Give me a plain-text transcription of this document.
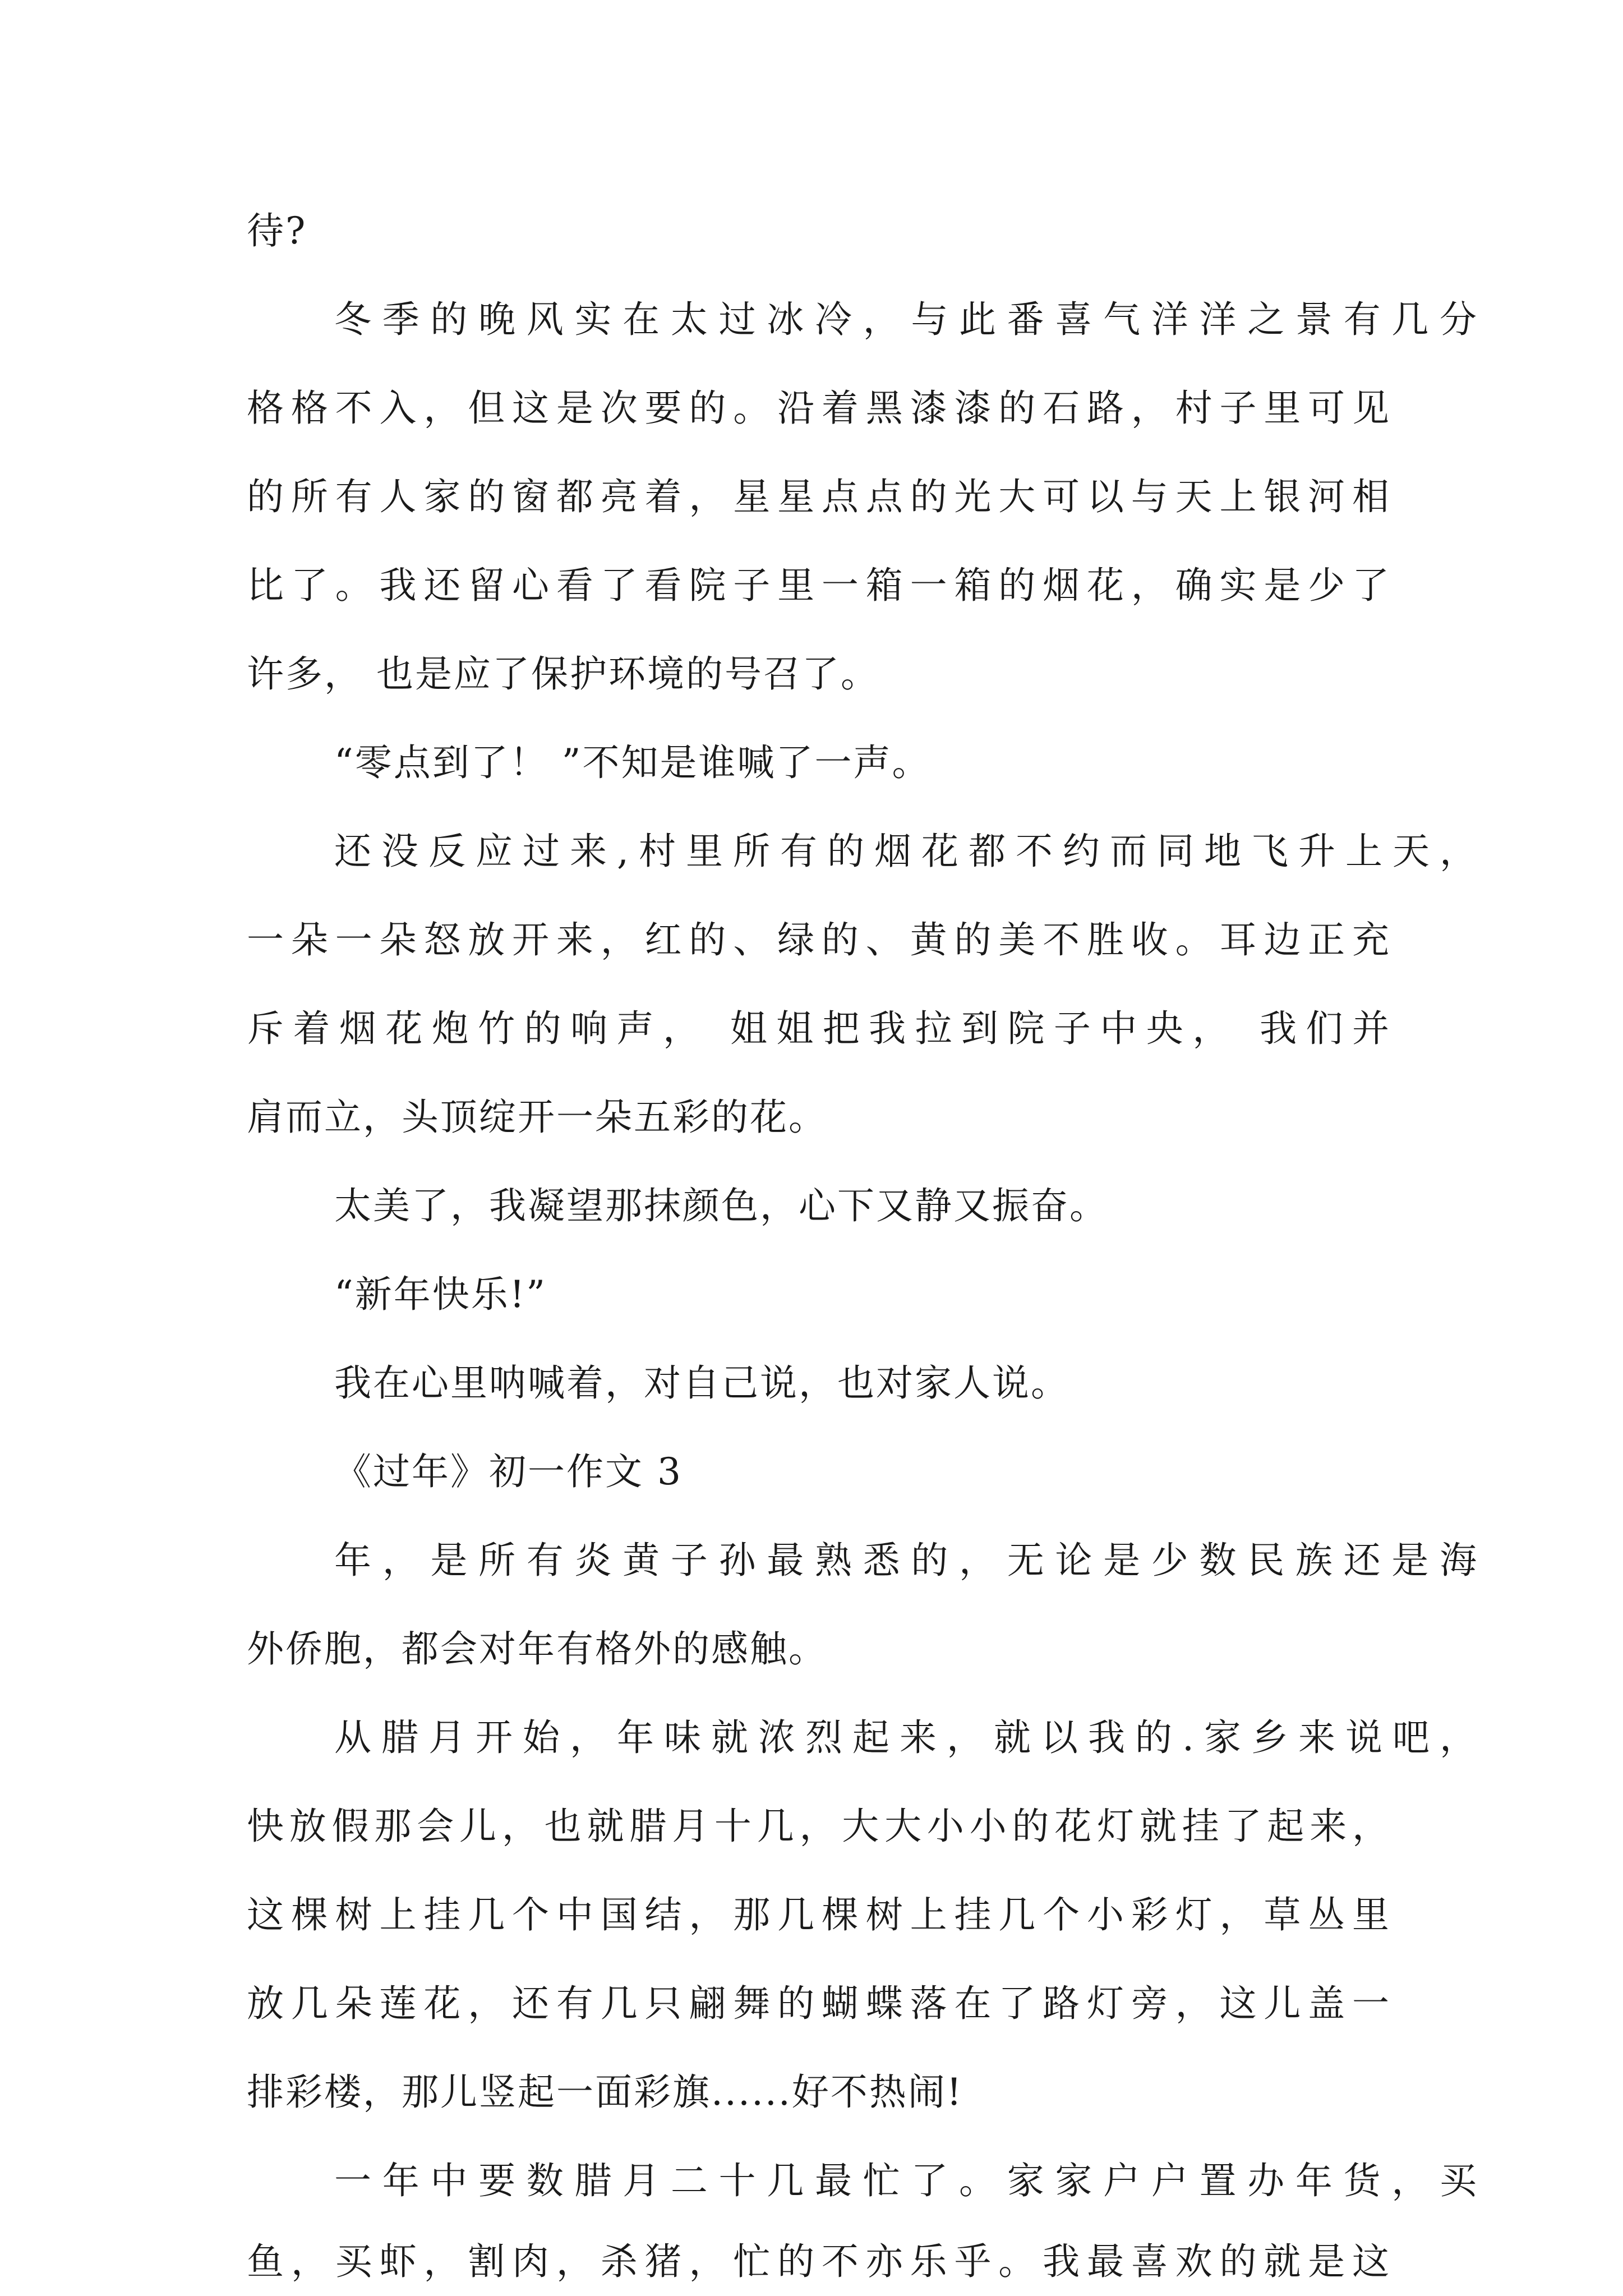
待?

冬季的晚风实在太过冰冷，与此番喜气洋洋之景有几分

格格不入，但这是次要的。沿着黑漆漆的石路，村子里可见

的所有人家的窗都亮着，星星点点的光大可以与天上银河相

比了。我还留心看了看院子里一箱一箱的烟花，确实是少了

许多， 也是应了保护环境的号召了。

“零点到了！ ”不知是谁喊了一声。

还没反应过来,村里所有的烟花都不约而同地飞升上天，

一朵一朵怒放开来，红的、绿的、黄的美不胜收。耳边正充

斥着烟花炮竹的响声， 姐姐把我拉到院子中央， 我们并

肩而立，头顶绽开一朵五彩的花。

太美了，我凝望那抹颜色，心下又静又振奋。

“新年快乐!”

我在心里呐喊着，对自己说，也对家人说。

《过年》初一作文 3

年，是所有炎黄子孙最熟悉的，无论是少数民族还是海

外侨胞，都会对年有格外的感触。

从腊月开始，年味就浓烈起来，就以我的.家乡来说吧，

快放假那会儿，也就腊月十几，大大小小的花灯就挂了起来，

这棵树上挂几个中国结，那几棵树上挂几个小彩灯，草丛里

放几朵莲花，还有几只翩舞的蝴蝶落在了路灯旁，这儿盖一

排彩楼，那儿竖起一面彩旗......好不热闹!

一年中要数腊月二十几最忙了。家家户户置办年货，买

鱼，买虾，割肉，杀猪，忙的不亦乐乎。我最喜欢的就是这
